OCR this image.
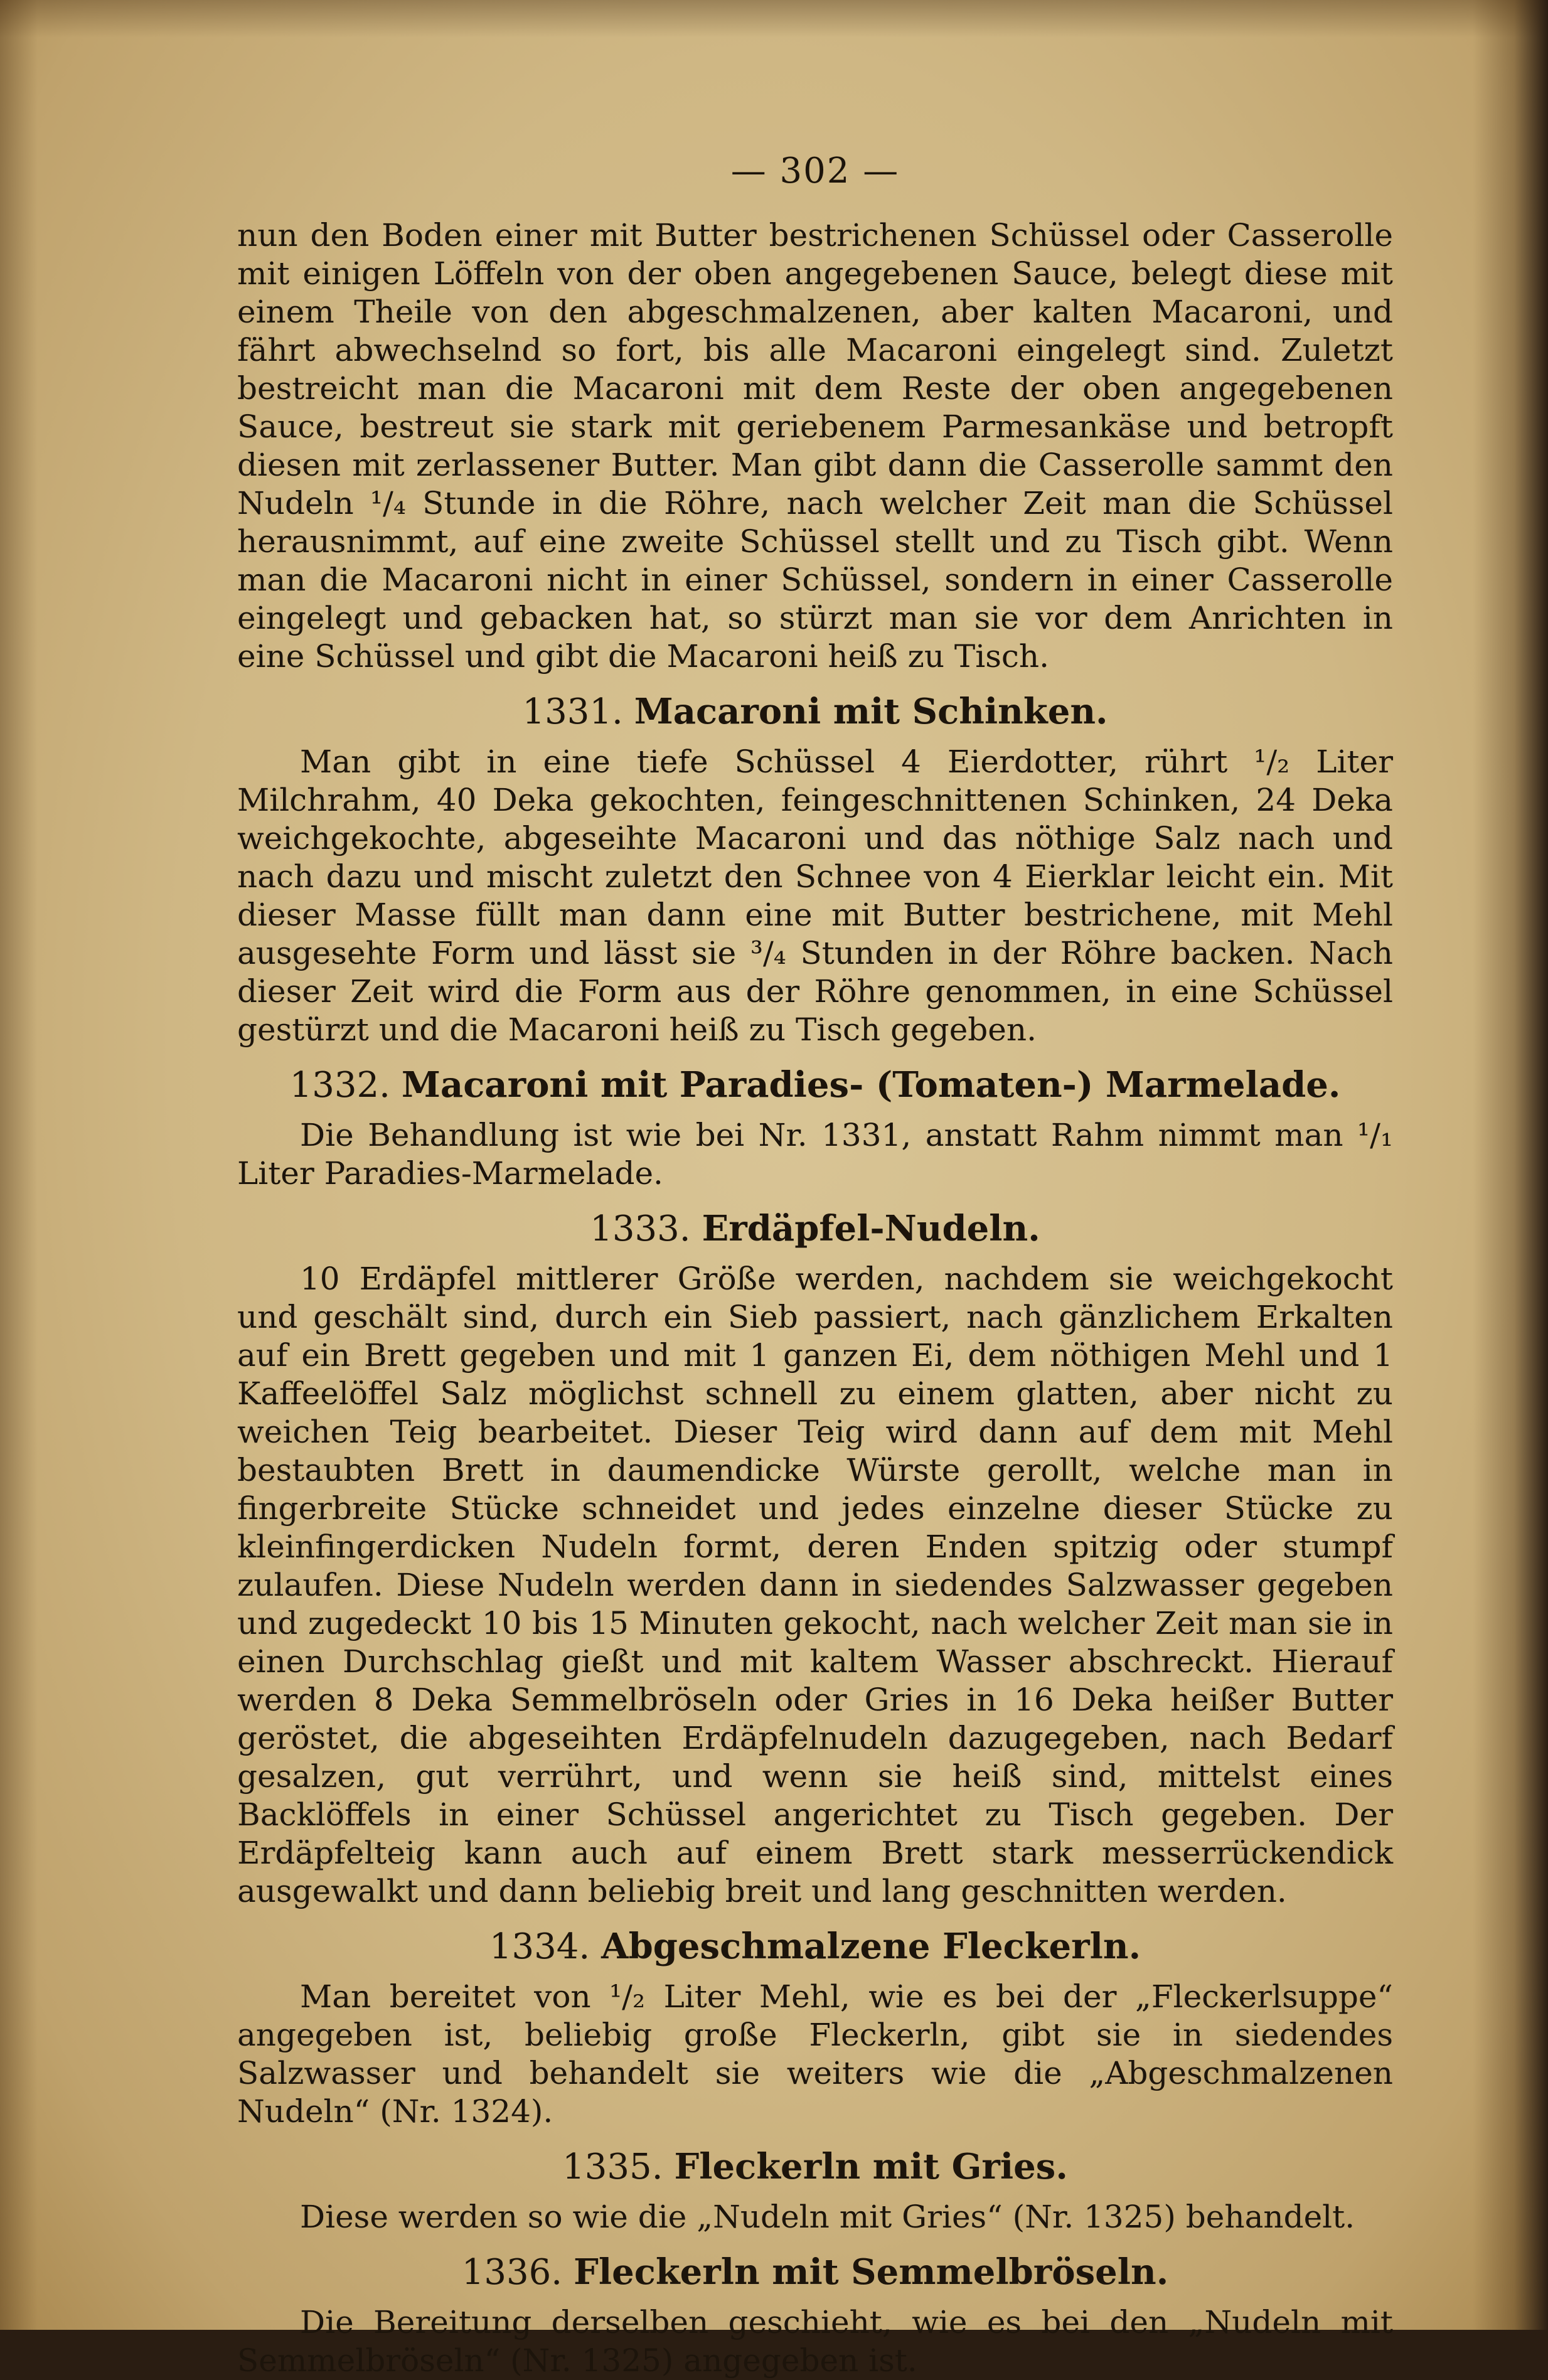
— 302 —

nun den Boden einer mit Butter bestrichenen Schüssel oder Casserolle mit einigen Löffeln von der oben angegebenen Sauce, belegt diese mit einem Theile von den abgeschmalzenen, aber kalten Macaroni, und fährt abwechselnd so fort, bis alle Macaroni eingelegt sind. Zuletzt bestreicht man die Macaroni mit dem Reste der oben angegebenen Sauce, bestreut sie stark mit geriebenem Parmesankäse und betropft diesen mit zerlassener Butter. Man gibt dann die Casserolle sammt den Nudeln ¹/₄ Stunde in die Röhre, nach welcher Zeit man die Schüssel herausnimmt, auf eine zweite Schüssel stellt und zu Tisch gibt. Wenn man die Macaroni nicht in einer Schüssel, sondern in einer Casserolle eingelegt und gebacken hat, so stürzt man sie vor dem Anrichten in eine Schüssel und gibt die Macaroni heiß zu Tisch.

1331. Macaroni mit Schinken.

Man gibt in eine tiefe Schüssel 4 Eierdotter, rührt ¹/₂ Liter Milchrahm, 40 Deka gekochten, feingeschnittenen Schinken, 24 Deka weichgekochte, abgeseihte Macaroni und das nöthige Salz nach und nach dazu und mischt zuletzt den Schnee von 4 Eierklar leicht ein. Mit dieser Masse füllt man dann eine mit Butter bestrichene, mit Mehl ausgesehte Form und lässt sie ³/₄ Stunden in der Röhre backen. Nach dieser Zeit wird die Form aus der Röhre genommen, in eine Schüssel gestürzt und die Macaroni heiß zu Tisch gegeben.

1332. Macaroni mit Paradies- (Tomaten-) Marmelade.

Die Behandlung ist wie bei Nr. 1331, anstatt Rahm nimmt man ¹/₁ Liter Paradies-Marmelade.

1333. Erdäpfel-Nudeln.

10 Erdäpfel mittlerer Größe werden, nachdem sie weichgekocht und geschält sind, durch ein Sieb passiert, nach gänzlichem Erkalten auf ein Brett gegeben und mit 1 ganzen Ei, dem nöthigen Mehl und 1 Kaffeelöffel Salz möglichst schnell zu einem glatten, aber nicht zu weichen Teig bearbeitet. Dieser Teig wird dann auf dem mit Mehl bestaubten Brett in daumendicke Würste gerollt, welche man in fingerbreite Stücke schneidet und jedes einzelne dieser Stücke zu kleinfingerdicken Nudeln formt, deren Enden spitzig oder stumpf zulaufen. Diese Nudeln werden dann in siedendes Salzwasser gegeben und zugedeckt 10 bis 15 Minuten gekocht, nach welcher Zeit man sie in einen Durchschlag gießt und mit kaltem Wasser abschreckt. Hierauf werden 8 Deka Semmelbröseln oder Gries in 16 Deka heißer Butter geröstet, die abgeseihten Erdäpfelnudeln dazugegeben, nach Bedarf gesalzen, gut verrührt, und wenn sie heiß sind, mittelst eines Backlöffels in einer Schüssel angerichtet zu Tisch gegeben. Der Erdäpfelteig kann auch auf einem Brett stark messerrückendick ausgewalkt und dann beliebig breit und lang geschnitten werden.

1334. Abgeschmalzene Fleckerln.

Man bereitet von ¹/₂ Liter Mehl, wie es bei der „Fleckerlsuppe“ angegeben ist, beliebig große Fleckerln, gibt sie in siedendes Salzwasser und behandelt sie weiters wie die „Abgeschmalzenen Nudeln“ (Nr. 1324).

1335. Fleckerln mit Gries.

Diese werden so wie die „Nudeln mit Gries“ (Nr. 1325) behandelt.

1336. Fleckerln mit Semmelbröseln.

Die Bereitung derselben geschieht, wie es bei den „Nudeln mit Semmelbröseln“ (Nr. 1325) angegeben ist.
